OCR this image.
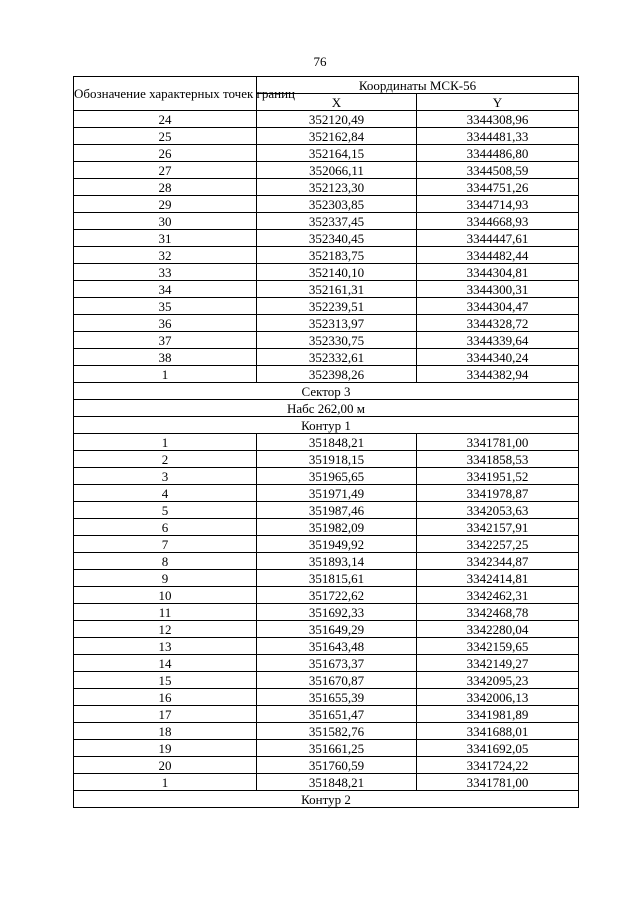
76
Обозначение характерных точек границ	Координаты МСК-56	
	X	Y
24	352120,49	3344308,96
25	352162,84	3344481,33
26	352164,15	3344486,80
27	352066,11	3344508,59
28	352123,30	3344751,26
29	352303,85	3344714,93
30	352337,45	3344668,93
31	352340,45	3344447,61
32	352183,75	3344482,44
33	352140,10	3344304,81
34	352161,31	3344300,31
35	352239,51	3344304,47
36	352313,97	3344328,72
37	352330,75	3344339,64
38	352332,61	3344340,24
1	352398,26	3344382,94
Сектор 3		
Набс 262,00 м		
Контур 1		
1	351848,21	3341781,00
2	351918,15	3341858,53
3	351965,65	3341951,52
4	351971,49	3341978,87
5	351987,46	3342053,63
6	351982,09	3342157,91
7	351949,92	3342257,25
8	351893,14	3342344,87
9	351815,61	3342414,81
10	351722,62	3342462,31
11	351692,33	3342468,78
12	351649,29	3342280,04
13	351643,48	3342159,65
14	351673,37	3342149,27
15	351670,87	3342095,23
16	351655,39	3342006,13
17	351651,47	3341981,89
18	351582,76	3341688,01
19	351661,25	3341692,05
20	351760,59	3341724,22
1	351848,21	3341781,00
Контур 2		
